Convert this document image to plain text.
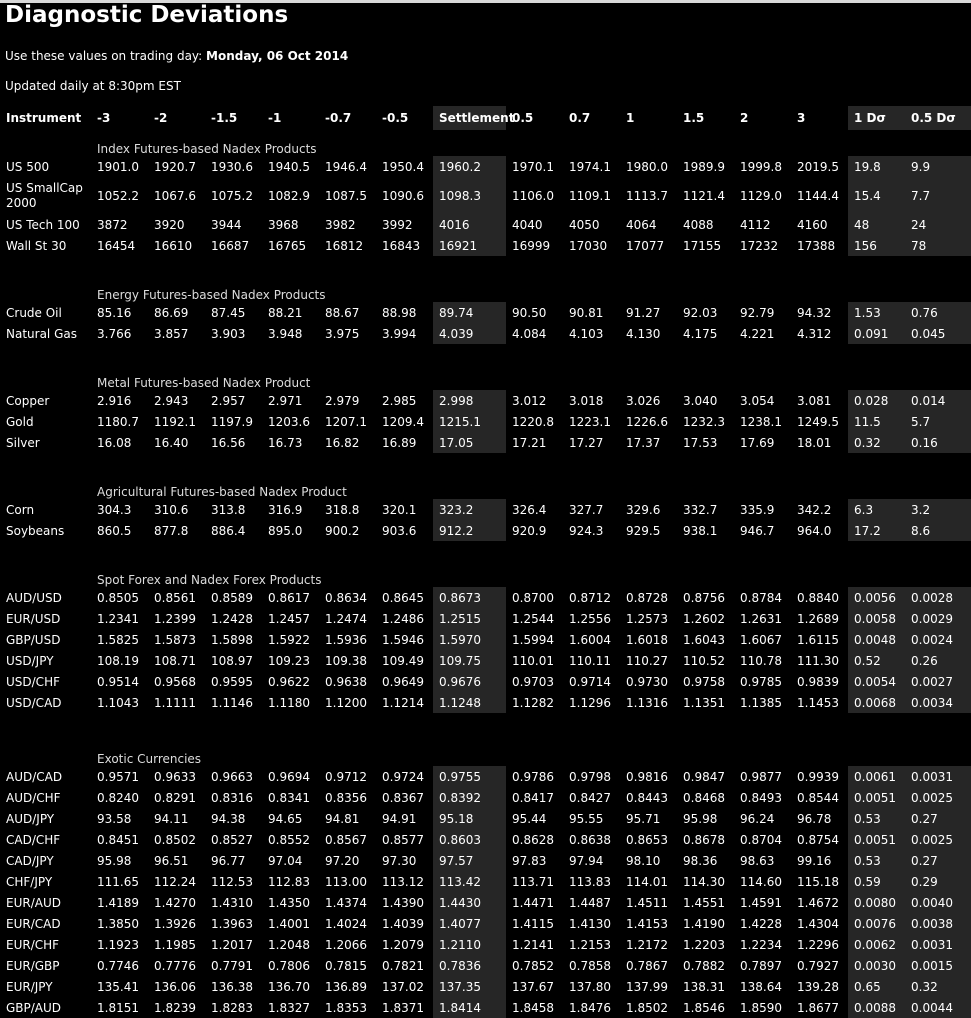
Diagnostic Deviations
Use these values on trading day: Monday, 06 Oct 2014
Updated daily at 8:30pm EST
Instrument	-3	-2	-1.5	-1	-0.7	-0.5	Settlement	0.5	0.7	1	1.5	2	3	1 Dσ	0.5 Dσ
	Index Futures-based Nadex Products														
US 500	1901.0	1920.7	1930.6	1940.5	1946.4	1950.4	1960.2	1970.1	1974.1	1980.0	1989.9	1999.8	2019.5	19.8	9.9
US SmallCap 2000	1052.2	1067.6	1075.2	1082.9	1087.5	1090.6	1098.3	1106.0	1109.1	1113.7	1121.4	1129.0	1144.4	15.4	7.7
US Tech 100	3872	3920	3944	3968	3982	3992	4016	4040	4050	4064	4088	4112	4160	48	24
Wall St 30	16454	16610	16687	16765	16812	16843	16921	16999	17030	17077	17155	17232	17388	156	78

	Energy Futures-based Nadex Products														
Crude Oil	85.16	86.69	87.45	88.21	88.67	88.98	89.74	90.50	90.81	91.27	92.03	92.79	94.32	1.53	0.76
Natural Gas	3.766	3.857	3.903	3.948	3.975	3.994	4.039	4.084	4.103	4.130	4.175	4.221	4.312	0.091	0.045

	Metal Futures-based Nadex Product														
Copper	2.916	2.943	2.957	2.971	2.979	2.985	2.998	3.012	3.018	3.026	3.040	3.054	3.081	0.028	0.014
Gold	1180.7	1192.1	1197.9	1203.6	1207.1	1209.4	1215.1	1220.8	1223.1	1226.6	1232.3	1238.1	1249.5	11.5	5.7
Silver	16.08	16.40	16.56	16.73	16.82	16.89	17.05	17.21	17.27	17.37	17.53	17.69	18.01	0.32	0.16

	Agricultural Futures-based Nadex Product														
Corn	304.3	310.6	313.8	316.9	318.8	320.1	323.2	326.4	327.7	329.6	332.7	335.9	342.2	6.3	3.2
Soybeans	860.5	877.8	886.4	895.0	900.2	903.6	912.2	920.9	924.3	929.5	938.1	946.7	964.0	17.2	8.6

	Spot Forex and Nadex Forex Products														
AUD/USD	0.8505	0.8561	0.8589	0.8617	0.8634	0.8645	0.8673	0.8700	0.8712	0.8728	0.8756	0.8784	0.8840	0.0056	0.0028
EUR/USD	1.2341	1.2399	1.2428	1.2457	1.2474	1.2486	1.2515	1.2544	1.2556	1.2573	1.2602	1.2631	1.2689	0.0058	0.0029
GBP/USD	1.5825	1.5873	1.5898	1.5922	1.5936	1.5946	1.5970	1.5994	1.6004	1.6018	1.6043	1.6067	1.6115	0.0048	0.0024
USD/JPY	108.19	108.71	108.97	109.23	109.38	109.49	109.75	110.01	110.11	110.27	110.52	110.78	111.30	0.52	0.26
USD/CHF	0.9514	0.9568	0.9595	0.9622	0.9638	0.9649	0.9676	0.9703	0.9714	0.9730	0.9758	0.9785	0.9839	0.0054	0.0027
USD/CAD	1.1043	1.1111	1.1146	1.1180	1.1200	1.1214	1.1248	1.1282	1.1296	1.1316	1.1351	1.1385	1.1453	0.0068	0.0034

	Exotic Currencies														
AUD/CAD	0.9571	0.9633	0.9663	0.9694	0.9712	0.9724	0.9755	0.9786	0.9798	0.9816	0.9847	0.9877	0.9939	0.0061	0.0031
AUD/CHF	0.8240	0.8291	0.8316	0.8341	0.8356	0.8367	0.8392	0.8417	0.8427	0.8443	0.8468	0.8493	0.8544	0.0051	0.0025
AUD/JPY	93.58	94.11	94.38	94.65	94.81	94.91	95.18	95.44	95.55	95.71	95.98	96.24	96.78	0.53	0.27
CAD/CHF	0.8451	0.8502	0.8527	0.8552	0.8567	0.8577	0.8603	0.8628	0.8638	0.8653	0.8678	0.8704	0.8754	0.0051	0.0025
CAD/JPY	95.98	96.51	96.77	97.04	97.20	97.30	97.57	97.83	97.94	98.10	98.36	98.63	99.16	0.53	0.27
CHF/JPY	111.65	112.24	112.53	112.83	113.00	113.12	113.42	113.71	113.83	114.01	114.30	114.60	115.18	0.59	0.29
EUR/AUD	1.4189	1.4270	1.4310	1.4350	1.4374	1.4390	1.4430	1.4471	1.4487	1.4511	1.4551	1.4591	1.4672	0.0080	0.0040
EUR/CAD	1.3850	1.3926	1.3963	1.4001	1.4024	1.4039	1.4077	1.4115	1.4130	1.4153	1.4190	1.4228	1.4304	0.0076	0.0038
EUR/CHF	1.1923	1.1985	1.2017	1.2048	1.2066	1.2079	1.2110	1.2141	1.2153	1.2172	1.2203	1.2234	1.2296	0.0062	0.0031
EUR/GBP	0.7746	0.7776	0.7791	0.7806	0.7815	0.7821	0.7836	0.7852	0.7858	0.7867	0.7882	0.7897	0.7927	0.0030	0.0015
EUR/JPY	135.41	136.06	136.38	136.70	136.89	137.02	137.35	137.67	137.80	137.99	138.31	138.64	139.28	0.65	0.32
GBP/AUD	1.8151	1.8239	1.8283	1.8327	1.8353	1.8371	1.8414	1.8458	1.8476	1.8502	1.8546	1.8590	1.8677	0.0088	0.0044
